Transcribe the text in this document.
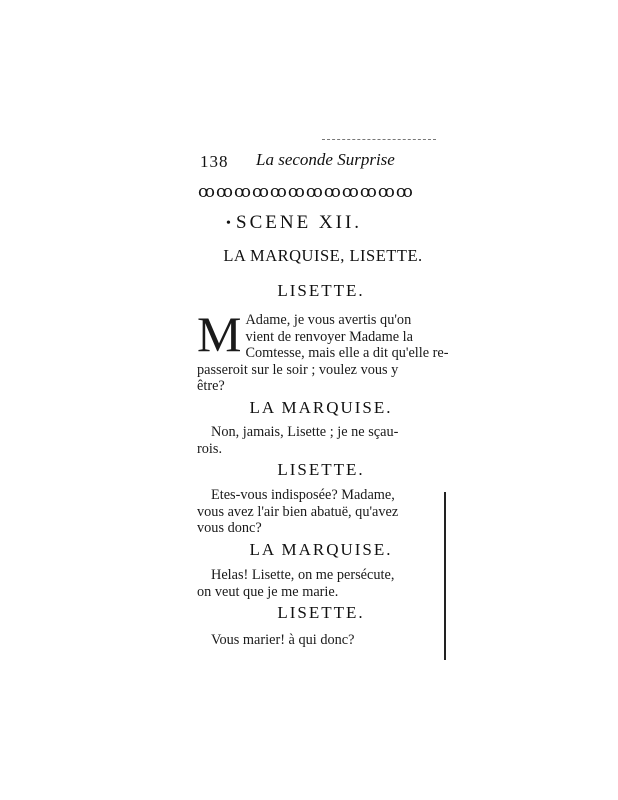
138 La seconde Surprise
ꝏꝏꝏꝏꝏꝏꝏꝏꝏꝏꝏꝏ
• SCENE XII.
LA MARQUISE, LISETTE.
LISETTE.
M Adame, je vous avertis qu'on
vient de renvoyer Madame la
Comtesse, mais elle a dit qu'elle re-
passeroit sur le soir ; voulez vous y
être?
LA MARQUISE.
Non, jamais, Lisette ; je ne sçau-
rois.
LISETTE.
Etes-vous indisposée? Madame,
vous avez l'air bien abatuë, qu'avez
vous donc?
LA MARQUISE.
Helas! Lisette, on me persécute,
on veut que je me marie.
LISETTE.
Vous marier! à qui donc?
